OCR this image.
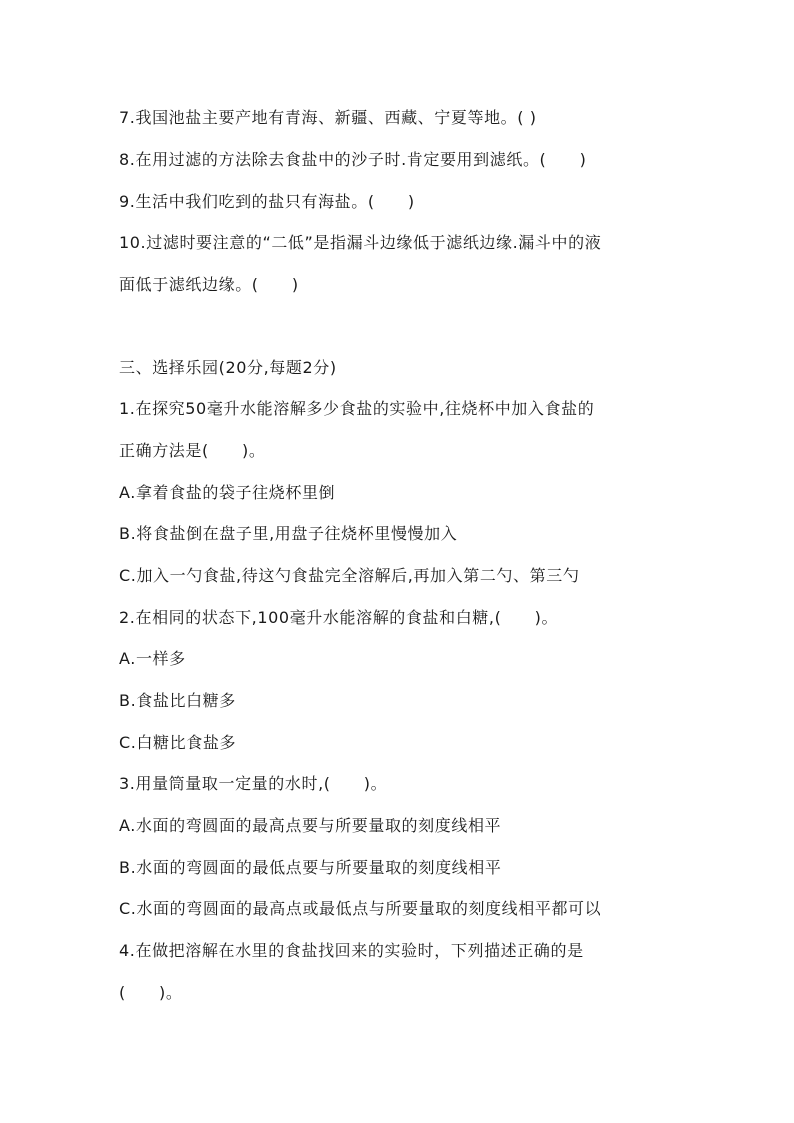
7.我国池盐主要产地有青海、新疆、西藏、宁夏等地。( )
8.在用过滤的方法除去食盐中的沙子时.肯定要用到滤纸。(　　)
9.生活中我们吃到的盐只有海盐。(　　)
10.过滤时要注意的“二低”是指漏斗边缘低于滤纸边缘.漏斗中的液
面低于滤纸边缘。(　　)
三、选择乐园(20分,每题2分)
1.在探究50毫升水能溶解多少食盐的实验中,往烧杯中加入食盐的
正确方法是(　　)。
A.拿着食盐的袋子往烧杯里倒
B.将食盐倒在盘子里,用盘子往烧杯里慢慢加入
C.加入一勺食盐,待这勺食盐完全溶解后,再加入第二勺、第三勺
2.在相同的状态下,100毫升水能溶解的食盐和白糖,(　　)。
A.一样多
B.食盐比白糖多
C.白糖比食盐多
3.用量筒量取一定量的水时,(　　)。
A.水面的弯圆面的最高点要与所要量取的刻度线相平
B.水面的弯圆面的最低点要与所要量取的刻度线相平
C.水面的弯圆面的最高点或最低点与所要量取的刻度线相平都可以
4.在做把溶解在水里的食盐找回来的实验时，下列描述正确的是
(　　)。
